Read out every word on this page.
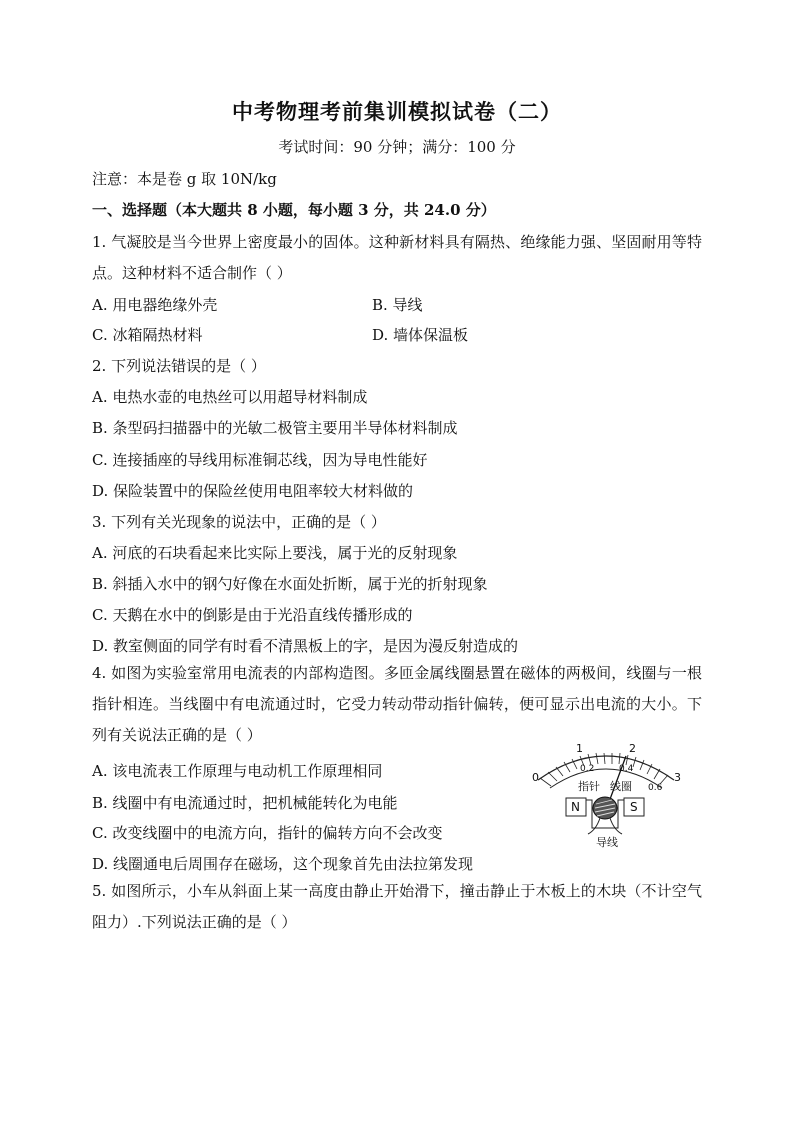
中考物理考前集训模拟试卷（二）
考试时间：90 分钟；满分：100 分
注意：本是卷 g 取 10N/kg
一、选择题（本大题共 8 小题，每小题 3 分，共 24.0 分）
1. 气凝胶是当今世界上密度最小的固体。这种新材料具有隔热、绝缘能力强、坚固耐用等特点。这种材料不适合制作（ ）
A. 用电器绝缘外壳	B. 导线
C. 冰箱隔热材料	D. 墙体保温板
2. 下列说法错误的是（ ）
A. 电热水壶的电热丝可以用超导材料制成
B. 条型码扫描器中的光敏二极管主要用半导体材料制成
C. 连接插座的导线用标准铜芯线，因为导电性能好
D. 保险装置中的保险丝使用电阻率较大材料做的
3. 下列有关光现象的说法中，正确的是（ ）
A. 河底的石块看起来比实际上要浅，属于光的反射现象
B. 斜插入水中的钢勺好像在水面处折断，属于光的折射现象
C. 天鹅在水中的倒影是由于光沿直线传播形成的
D. 教室侧面的同学有时看不清黑板上的字，是因为漫反射造成的
4. 如图为实验室常用电流表的内部构造图。多匝金属线圈悬置在磁体的两极间，线圈与一根指针相连。当线圈中有电流通过时，它受力转动带动指针偏转，便可显示出电流的大小。下列有关说法正确的是（ ）
A. 该电流表工作原理与电动机工作原理相同
B. 线圈中有电流通过时，把机械能转化为电能
C. 改变线圈中的电流方向，指针的偏转方向不会改变
D. 线圈通电后周围存在磁场，这个现象首先由法拉第发现
5. 如图所示，小车从斜面上某一高度由静止开始滑下，撞击静止于木板上的木块（不计空气阻力）.下列说法正确的是（ ）
0
1	2
3
0.2	0.4
0.6
N	S
指针 线圈
导线
